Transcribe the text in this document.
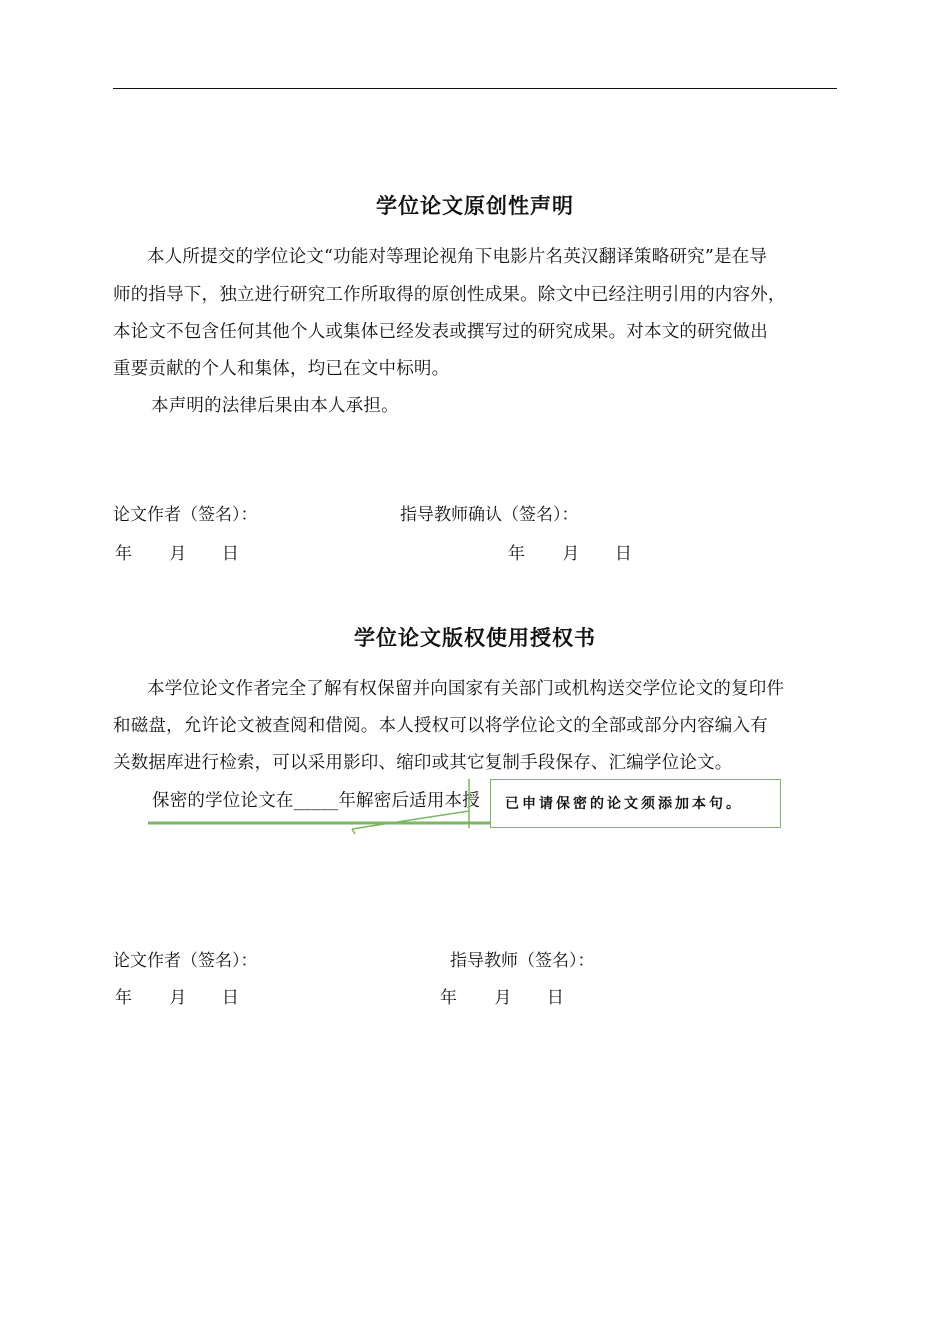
学位论文原创性声明
本人所提交的学位论文“功能对等理论视角下电影片名英汉翻译策略研究”是在导
师的指导下，独立进行研究工作所取得的原创性成果。除文中已经注明引用的内容外，
本论文不包含任何其他个人或集体已经发表或撰写过的研究成果。对本文的研究做出
重要贡献的个人和集体，均已在文中标明。
本声明的法律后果由本人承担。
论文作者（签名）：	指导教师确认（签名）：
年 月 日	年 月 日
学位论文版权使用授权书
本学位论文作者完全了解有权保留并向国家有关部门或机构送交学位论文的复印件
和磁盘，允许论文被查阅和借阅。本人授权可以将学位论文的全部或部分内容编入有
关数据库进行检索，可以采用影印、缩印或其它复制手段保存、汇编学位论文。
保密的学位论文在_____年解密后适用本授 已申请保密的论文须添加本句。
论文作者（签名）：	指导教师（签名）：
年 月 日	年 月 日
